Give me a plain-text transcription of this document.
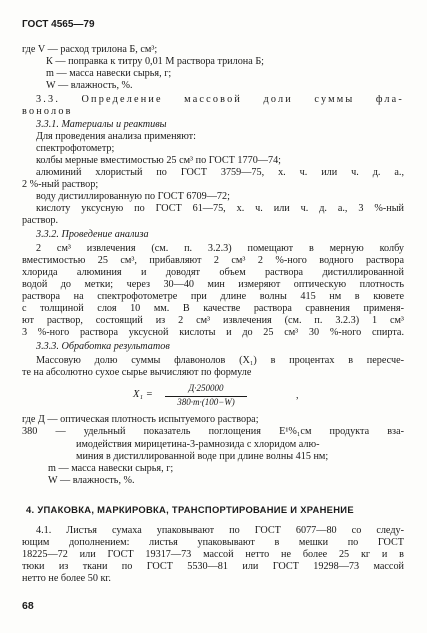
ГОСТ 4565—79
где V — расход трилона Б, см³;
К — поправка к титру 0,01 М раствора трилона Б;
m — масса навески сырья, г;
W — влажность, %.
3.3. Определение массовой доли суммы фла-
вонолов
3.3.1. Материалы и реактивы
Для проведения анализа применяют:
спектрофотометр;
колбы мерные вместимостью 25 см³ по ГОСТ 1770—74;
алюминий хлористый по ГОСТ 3759—75, х. ч. или ч. д. а.,
2 %-ный раствор;
воду дистиллированную по ГОСТ 6709—72;
кислоту уксусную по ГОСТ 61—75, х. ч. или ч. д. а., 3 %-ный
раствор.
3.3.2. Проведение анализа
2 см³ извлечения (см. п. 3.2.3) помещают в мерную колбу
вместимостью 25 см³, прибавляют 2 см³ 2 %-ного водного раствора
хлорида алюминия и доводят объем раствора дистиллированной
водой до метки; через 30—40 мин измеряют оптическую плотность
раствора на спектрофотометре при длине волны 415 нм в кювете
с толщиной слоя 10 мм. В качестве раствора сравнения применя-
ют раствор, состоящий из 2 см³ извлечения (см. п. 3.2.3) 1 см³
3 %-ного раствора уксусной кислоты и до 25 см³ 30 %-ного спирта.
3.3.3. Обработка результатов
Массовую долю суммы флавонолов (X₁) в процентах в пересче-
те на абсолютно сухое сырье вычисляют по формуле
X₁ =
Д·250000
380·m·(100−W)
,
где Д — оптическая плотность испытуемого раствора;
380 — удельный показатель поглощения E¹%₁см продукта вза-
имодействия мирицетина-3-рамнозида с хлоридом алю-
миния в дистиллированной воде при длине волны 415 нм;
m — масса навески сырья, г;
W — влажность, %.
4. УПАКОВКА, МАРКИРОВКА, ТРАНСПОРТИРОВАНИЕ И ХРАНЕНИЕ
4.1. Листья сумаха упаковывают по ГОСТ 6077—80 со следу-
ющим дополнением: листья упаковывают в мешки по ГОСТ
18225—72 или ГОСТ 19317—73 массой нетто не более 25 кг и в
тюки из ткани по ГОСТ 5530—81 или ГОСТ 19298—73 массой
нетто не более 50 кг.
68
